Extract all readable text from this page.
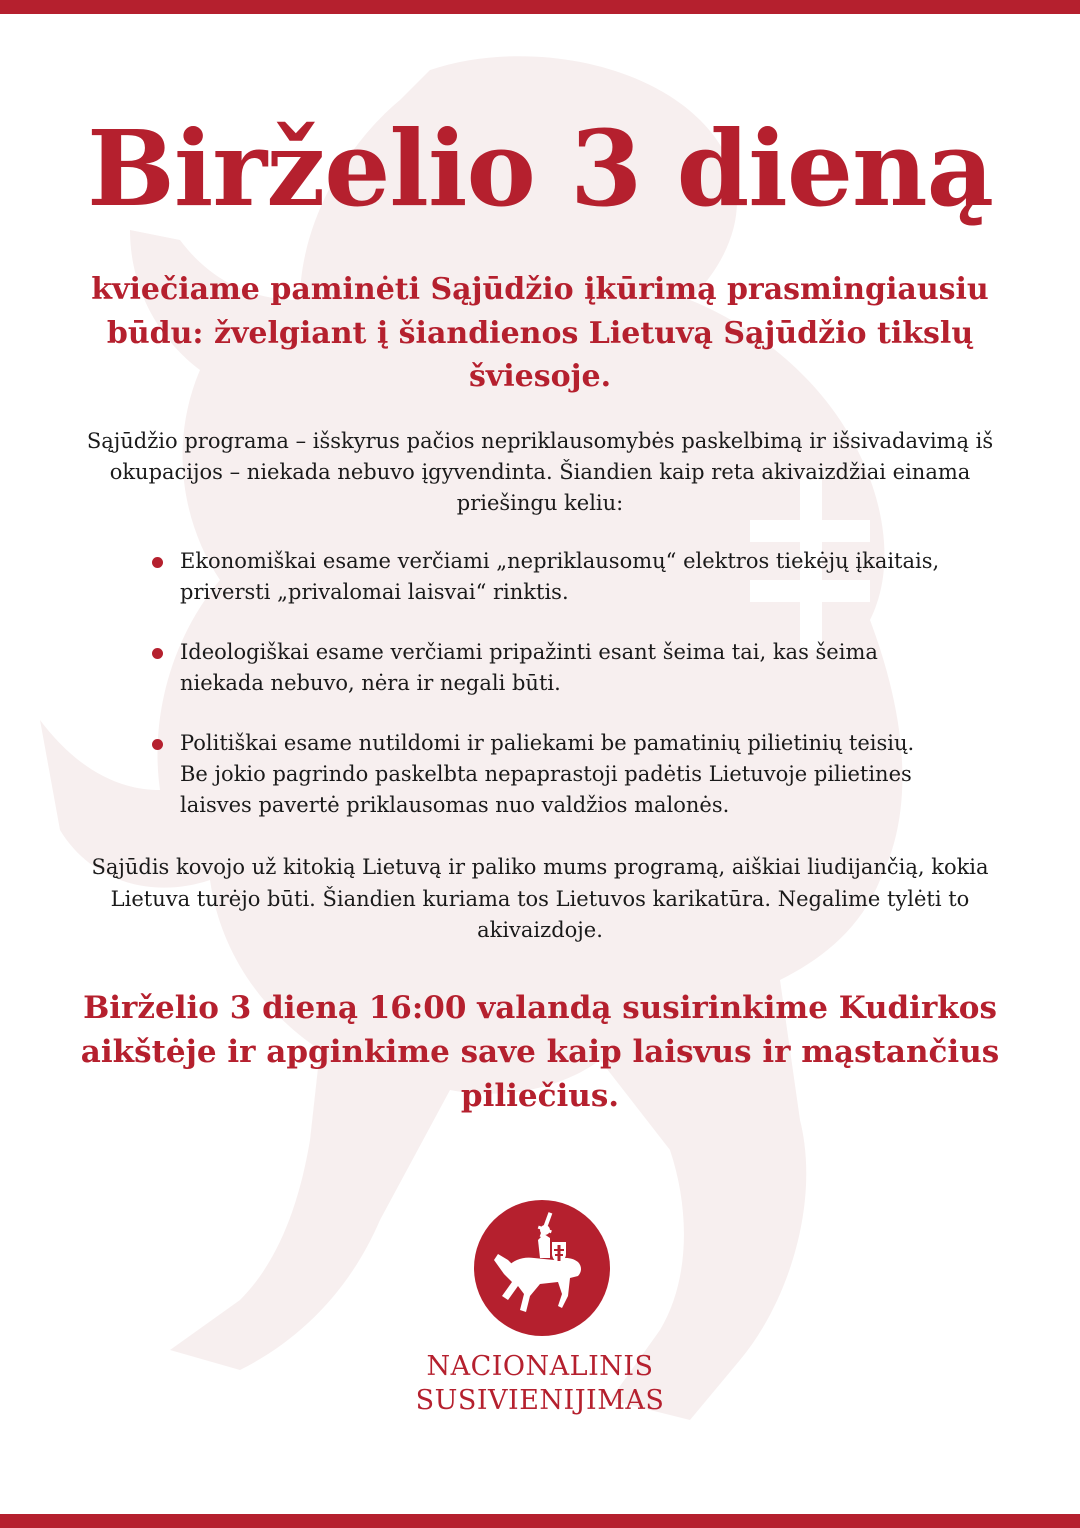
Birželio 3 dieną

kviečiame paminėti Sąjūdžio įkūrimą prasmingiausiu būdu: žvelgiant į šiandienos Lietuvą Sąjūdžio tikslų šviesoje.

Sąjūdžio programa – išskyrus pačios nepriklausomybės paskelbimą ir išsivadavimą iš okupacijos – niekada nebuvo įgyvendinta. Šiandien kaip reta akivaizdžiai einama priešingu keliu:

Ekonomiškai esame verčiami „nepriklausomų“ elektros tiekėjų įkaitais, priversti „privalomai laisvai“ rinktis.
Ideologiškai esame verčiami pripažinti esant šeima tai, kas šeima niekada nebuvo, nėra ir negali būti.
Politiškai esame nutildomi ir paliekami be pamatinių pilietinių teisių. Be jokio pagrindo paskelbta nepaprastoji padėtis Lietuvoje pilietines laisves pavertė priklausomas nuo valdžios malonės.

Sąjūdis kovojo už kitokią Lietuvą ir paliko mums programą, aiškiai liudijančią, kokia Lietuva turėjo būti. Šiandien kuriama tos Lietuvos karikatūra. Negalime tylėti to akivaizdoje.

Birželio 3 dieną 16:00 valandą susirinkime Kudirkos aikštėje ir apginkime save kaip laisvus ir mąstančius piliečius.

NACIONALINIS
SUSIVIENIJIMAS
